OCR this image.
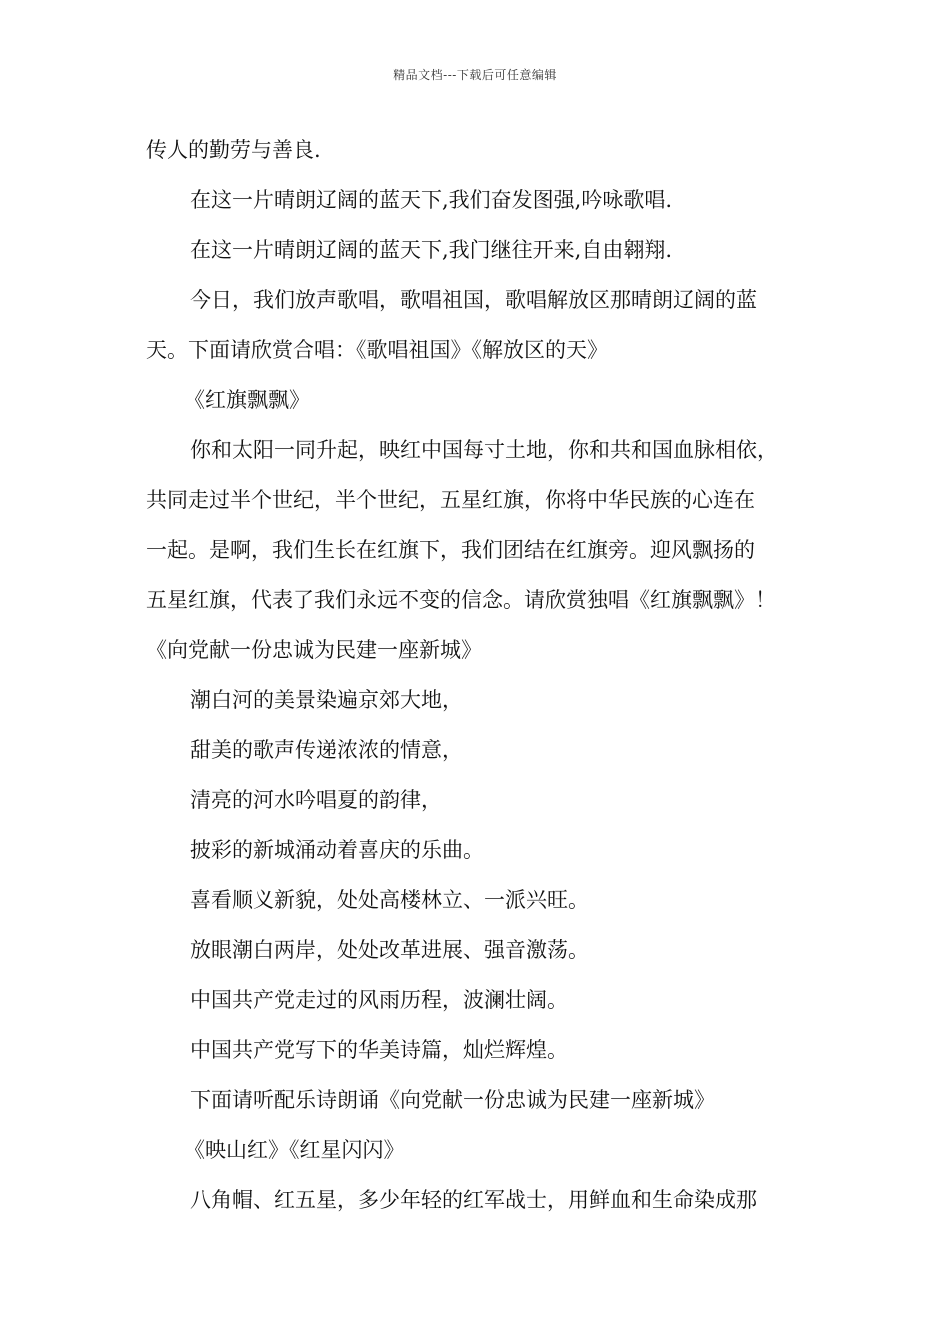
精品文档---下载后可任意编辑
传人的勤劳与善良.
在这一片晴朗辽阔的蓝天下,我们奋发图强,吟咏歌唱.
在这一片晴朗辽阔的蓝天下,我门继往开来,自由翱翔.
今日，我们放声歌唱，歌唱祖国，歌唱解放区那晴朗辽阔的蓝
天。下面请欣赏合唱：《歌唱祖国》《解放区的天》
《红旗飘飘》
你和太阳一同升起，映红中国每寸土地，你和共和国血脉相依，
共同走过半个世纪，半个世纪，五星红旗，你将中华民族的心连在
一起。是啊，我们生长在红旗下，我们团结在红旗旁。迎风飘扬的
五星红旗，代表了我们永远不变的信念。请欣赏独唱《红旗飘飘》！
《向党献一份忠诚为民建一座新城》
潮白河的美景染遍京郊大地，
甜美的歌声传递浓浓的情意，
清亮的河水吟唱夏的韵律，
披彩的新城涌动着喜庆的乐曲。
喜看顺义新貌，处处高楼林立、一派兴旺。
放眼潮白两岸，处处改革进展、强音激荡。
中国共产党走过的风雨历程，波澜壮阔。
中国共产党写下的华美诗篇，灿烂辉煌。
下面请听配乐诗朗诵《向党献一份忠诚为民建一座新城》
《映山红》《红星闪闪》
八角帽、红五星，多少年轻的红军战士，用鲜血和生命染成那
